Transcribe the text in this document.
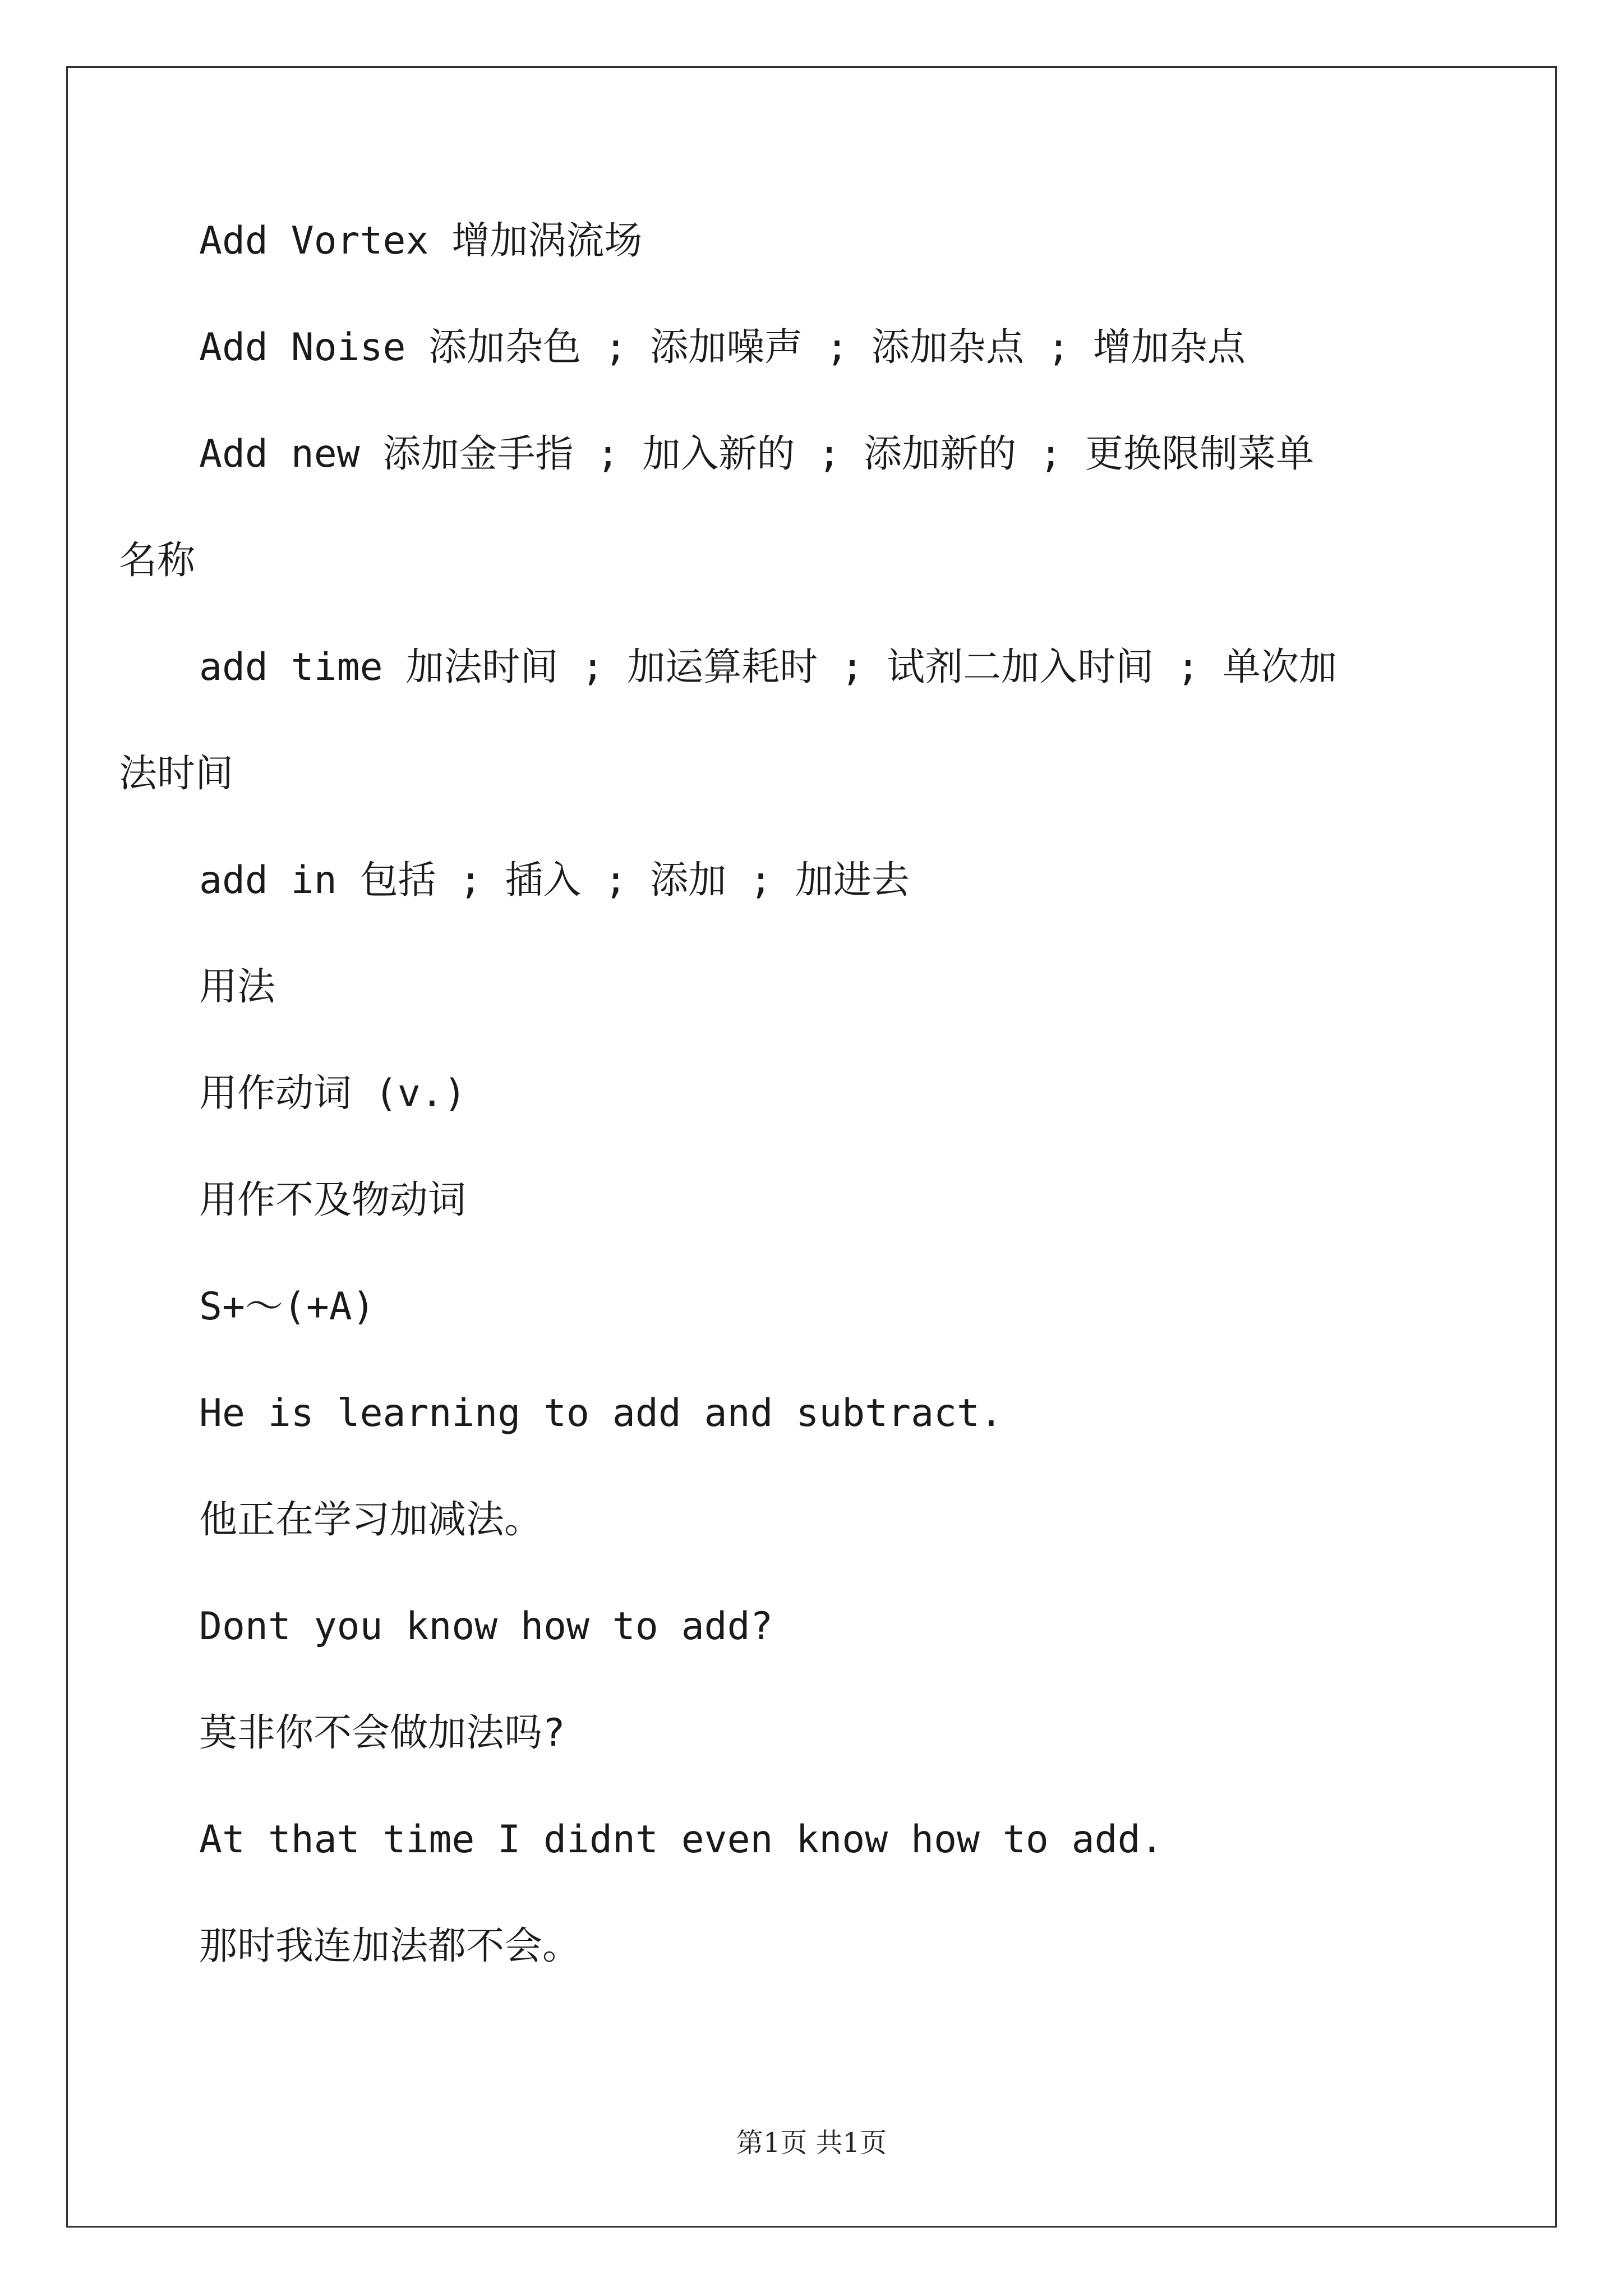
Add Vortex 增加涡流场
Add Noise 添加杂色 ; 添加噪声 ; 添加杂点 ; 增加杂点
Add new 添加金手指 ; 加入新的 ; 添加新的 ; 更换限制菜单
名称
add time 加法时间 ; 加运算耗时 ; 试剂二加入时间 ; 单次加
法时间
add in 包括 ; 插入 ; 添加 ; 加进去
用法
用作动词 (v.)
用作不及物动词
S+～(+A)
He is learning to add and subtract.
他正在学习加减法。
Dont you know how to add?
莫非你不会做加法吗?
At that time I didnt even know how to add.
那时我连加法都不会。
第1页 共1页
